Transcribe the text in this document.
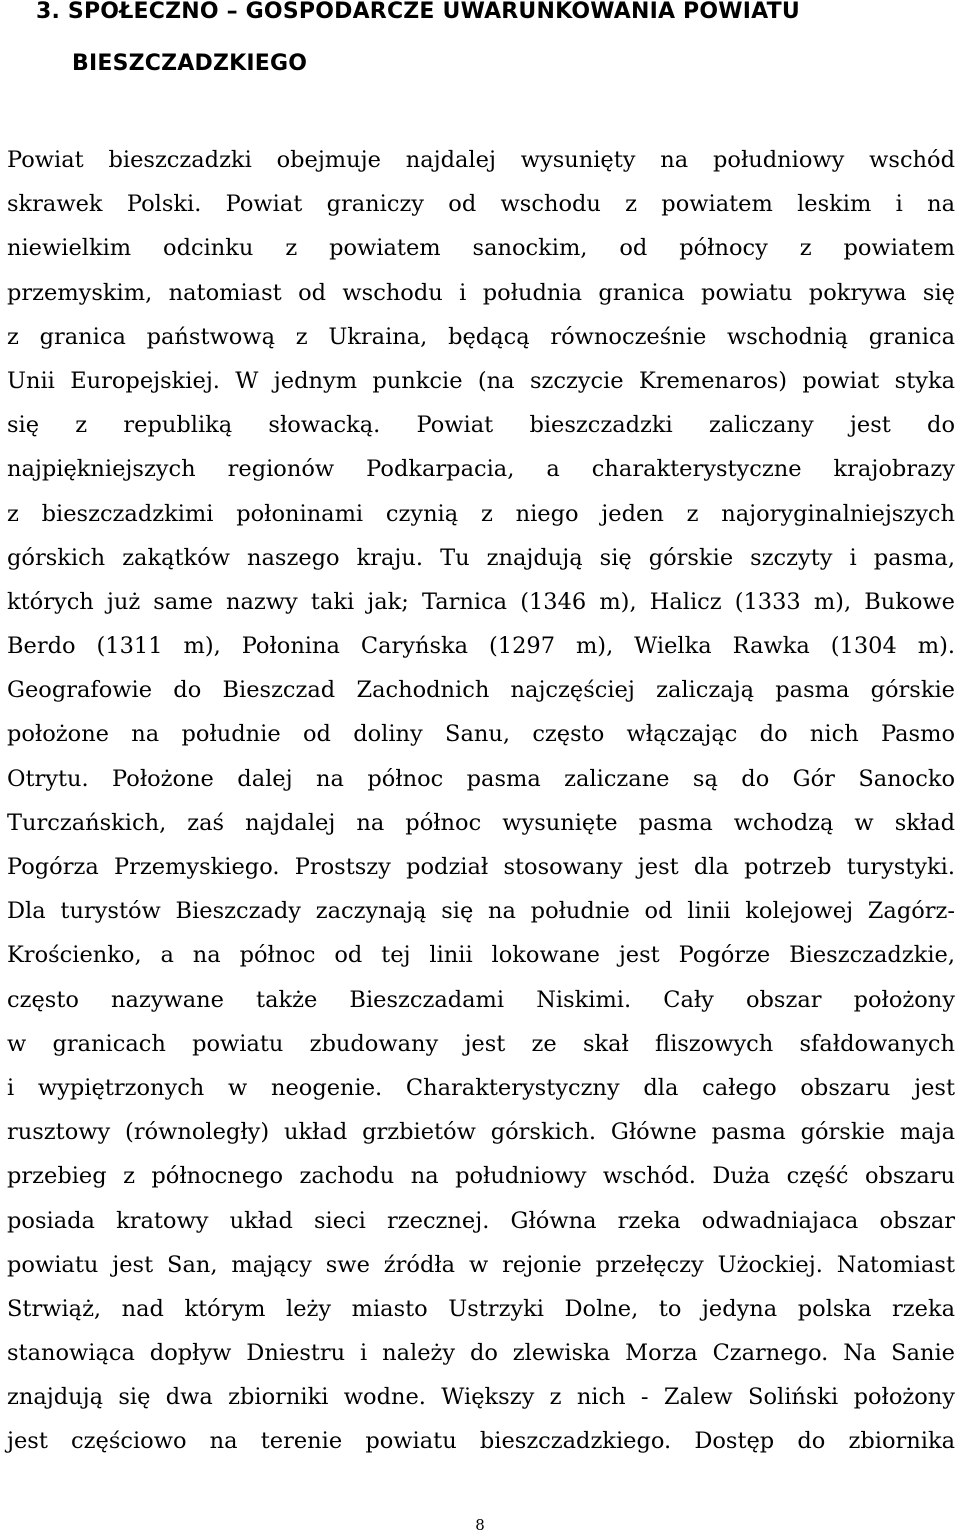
3. SPOŁECZNO – GOSPODARCZE UWARUNKOWANIA POWIATU
BIESZCZADZKIEGO
Powiat bieszczadzki obejmuje najdalej wysunięty na południowy wschód
skrawek Polski. Powiat graniczy od wschodu z powiatem leskim i na
niewielkim odcinku z powiatem sanockim, od północy z powiatem
przemyskim, natomiast od wschodu i południa granica powiatu pokrywa się
z granica państwową z Ukraina, będącą równocześnie wschodnią granica
Unii Europejskiej. W jednym punkcie (na szczycie Kremenaros) powiat styka
się z republiką słowacką. Powiat bieszczadzki zaliczany jest do
najpiękniejszych regionów Podkarpacia, a charakterystyczne krajobrazy
z bieszczadzkimi połoninami czynią z niego jeden z najoryginalniejszych
górskich zakątków naszego kraju. Tu znajdują się górskie szczyty i pasma,
których już same nazwy taki jak; Tarnica (1346 m), Halicz (1333 m), Bukowe
Berdo (1311 m), Połonina Caryńska (1297 m), Wielka Rawka (1304 m).
Geografowie do Bieszczad Zachodnich najczęściej zaliczają pasma górskie
położone na południe od doliny Sanu, często włączając do nich Pasmo
Otrytu. Położone dalej na północ pasma zaliczane są do Gór Sanocko
Turczańskich, zaś najdalej na północ wysunięte pasma wchodzą w skład
Pogórza Przemyskiego. Prostszy podział stosowany jest dla potrzeb turystyki.
Dla turystów Bieszczady zaczynają się na południe od linii kolejowej Zagórz-
Krościenko, a na północ od tej linii lokowane jest Pogórze Bieszczadzkie,
często nazywane także Bieszczadami Niskimi. Cały obszar położony
w granicach powiatu zbudowany jest ze skał fliszowych sfałdowanych
i wypiętrzonych w neogenie. Charakterystyczny dla całego obszaru jest
rusztowy (równoległy) układ grzbietów górskich. Główne pasma górskie maja
przebieg z północnego zachodu na południowy wschód. Duża część obszaru
posiada kratowy układ sieci rzecznej. Główna rzeka odwadniajaca obszar
powiatu jest San, mający swe źródła w rejonie przełęczy Użockiej. Natomiast
Strwiąż, nad którym leży miasto Ustrzyki Dolne, to jedyna polska rzeka
stanowiąca dopływ Dniestru i należy do zlewiska Morza Czarnego. Na Sanie
znajdują się dwa zbiorniki wodne. Większy z nich - Zalew Soliński położony
jest częściowo na terenie powiatu bieszczadzkiego. Dostęp do zbiornika
8
